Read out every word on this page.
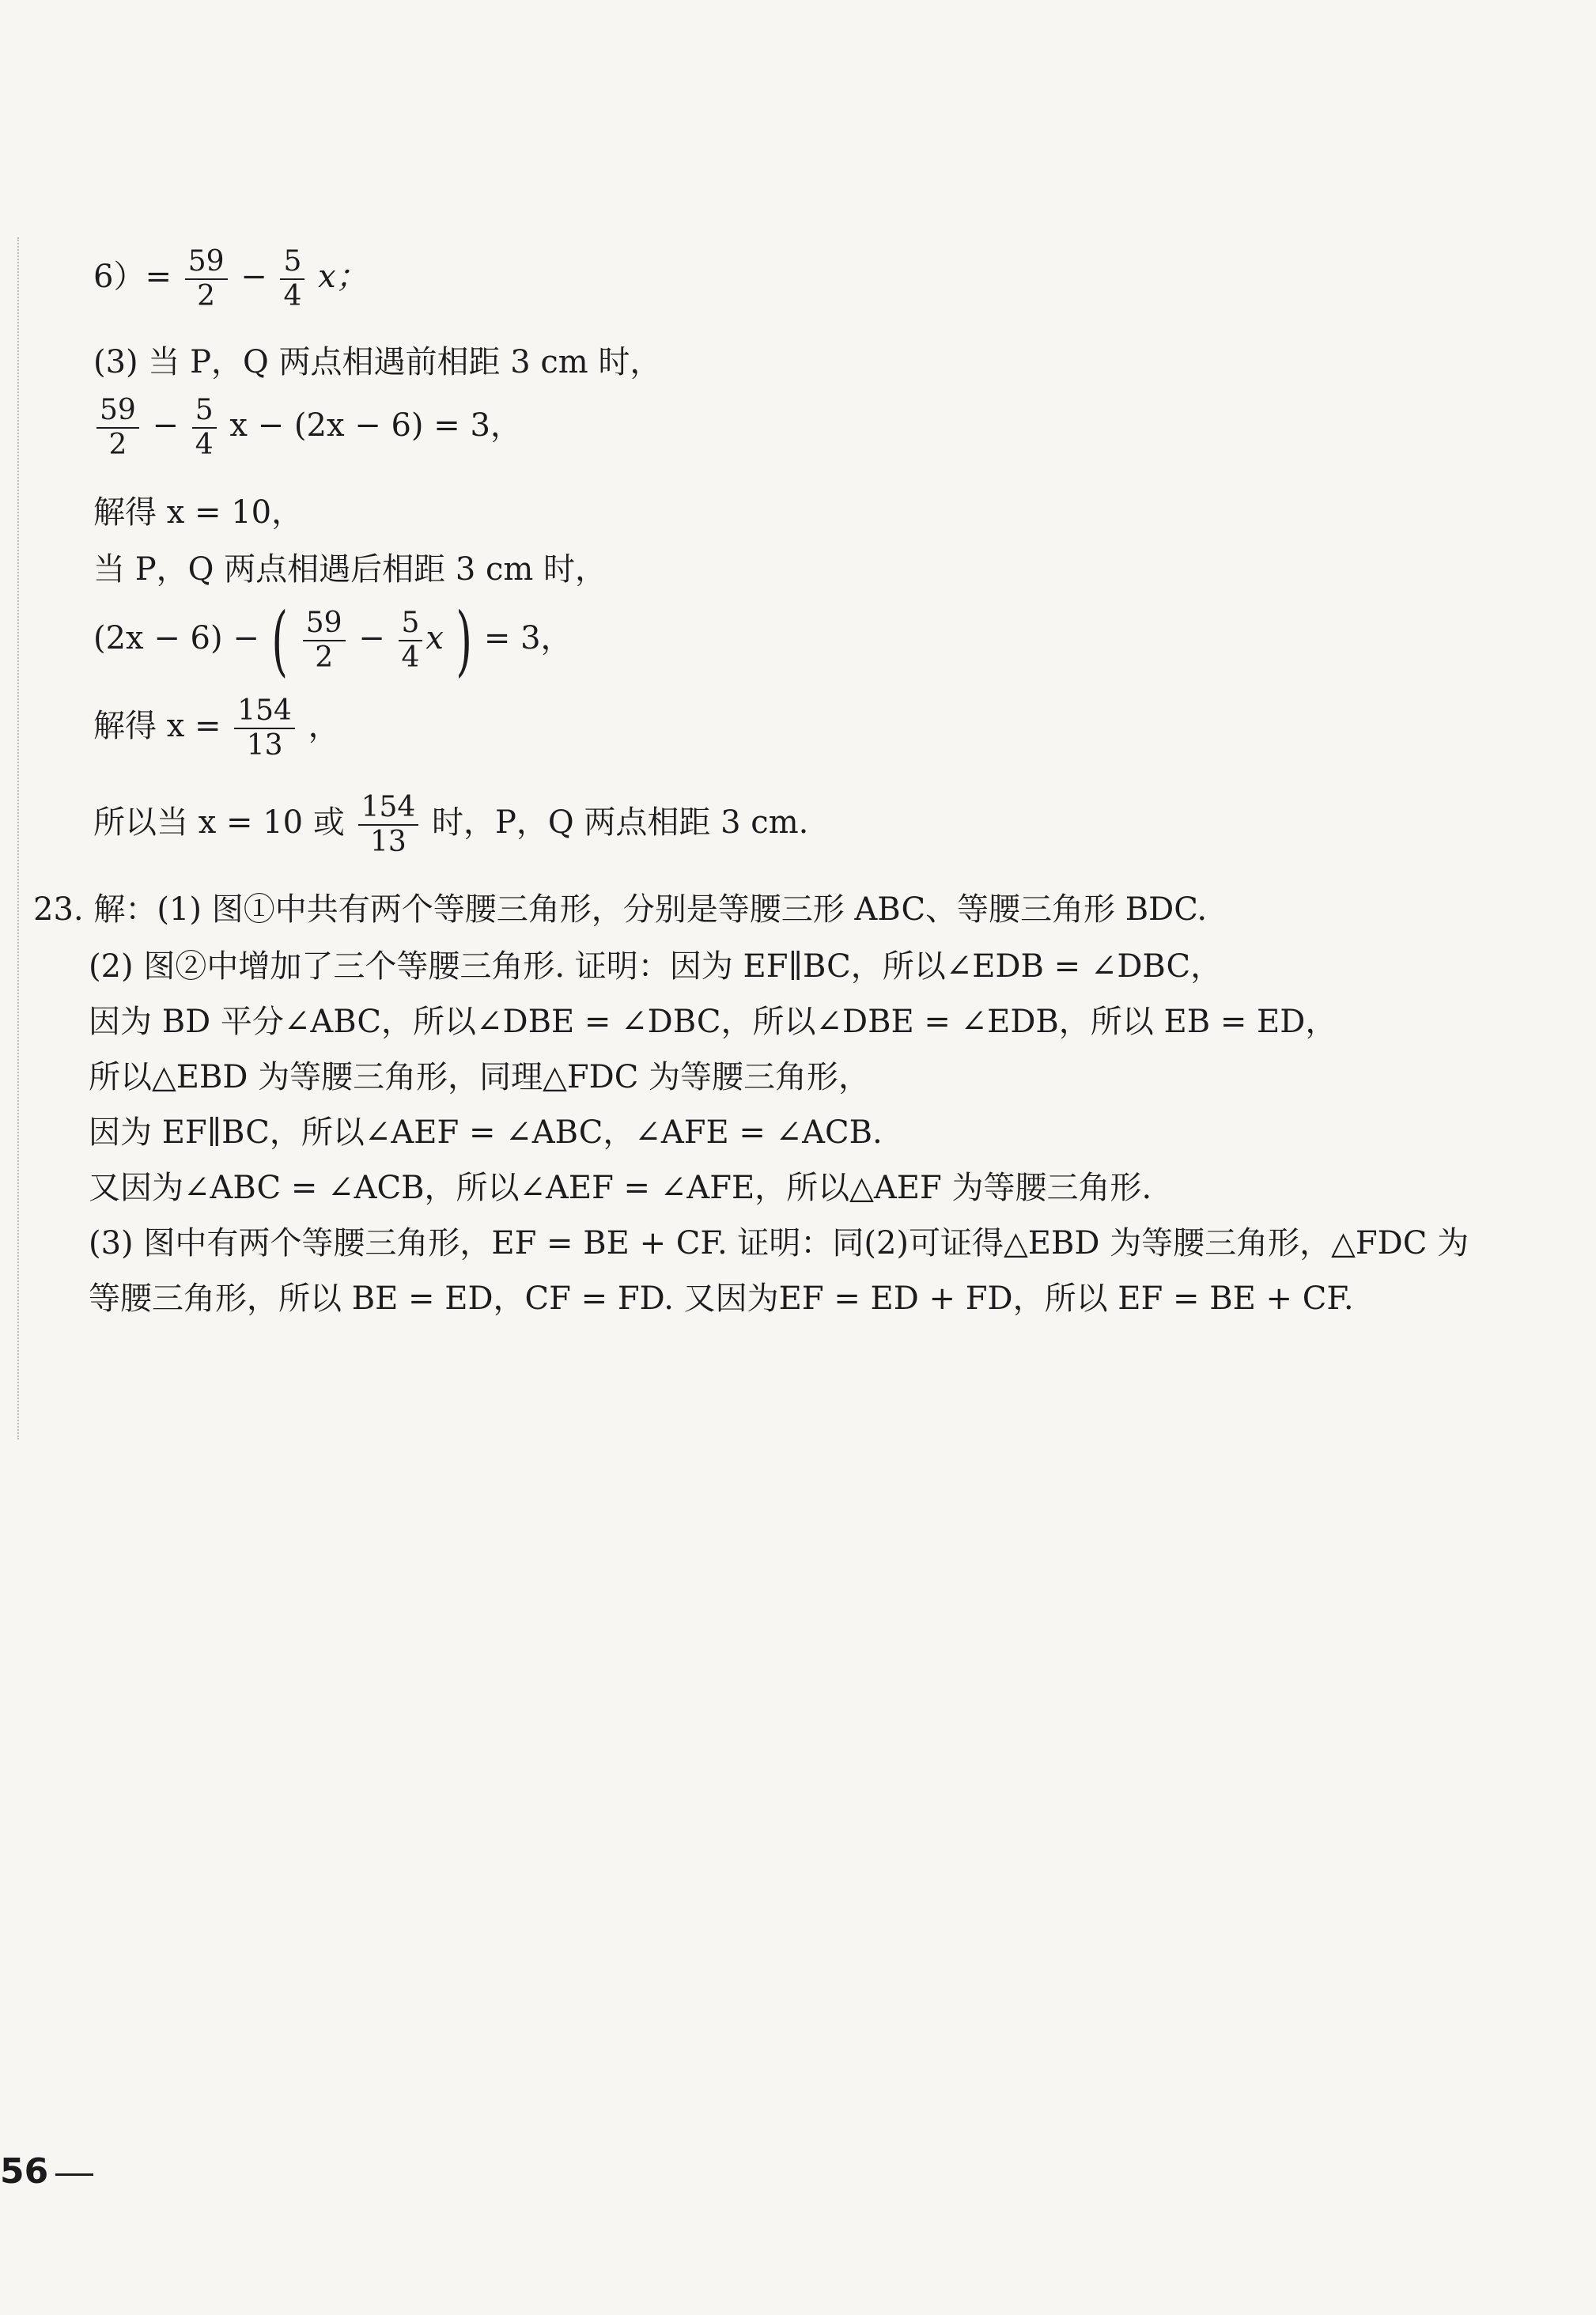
$6)= \frac{59}{2} - \frac{5}{4}$ x；
(3) 当 P，Q 两点相遇前相距 3 cm 时，
$\frac{59}{2} - \frac{5}{4}$ x − (2x − 6) = 3，
解得 x = 10，
当 P，Q 两点相遇后相距 3 cm 时，
(2x − 6) − ( $\frac{59}{2} - \frac{5}{4}$ x ) = 3，
解得 $x = \frac{154}{13}$ ，
所以当 x = 10 或 $\frac{154}{13}$ 时，P，Q 两点相距 3 cm.
23. 解：(1) 图①中共有两个等腰三角形，分别是等腰三形 ABC、等腰三角形 BDC.
(2) 图②中增加了三个等腰三角形. 证明：因为 EF∥BC，所以∠EDB = ∠DBC，
因为 BD 平分∠ABC，所以∠DBE = ∠DBC，所以∠DBE = ∠EDB，所以 EB = ED，
所以△EBD 为等腰三角形，同理△FDC 为等腰三角形，
因为 EF∥BC，所以∠AEF = ∠ABC，∠AFE = ∠ACB.
又因为∠ABC = ∠ACB，所以∠AEF = ∠AFE，所以△AEF 为等腰三角形.
(3) 图中有两个等腰三角形，EF = BE + CF. 证明：同(2)可证得△EBD 为等腰三角形，△FDC 为
等腰三角形，所以 BE = ED，CF = FD. 又因为EF = ED + FD，所以 EF = BE + CF.
56
